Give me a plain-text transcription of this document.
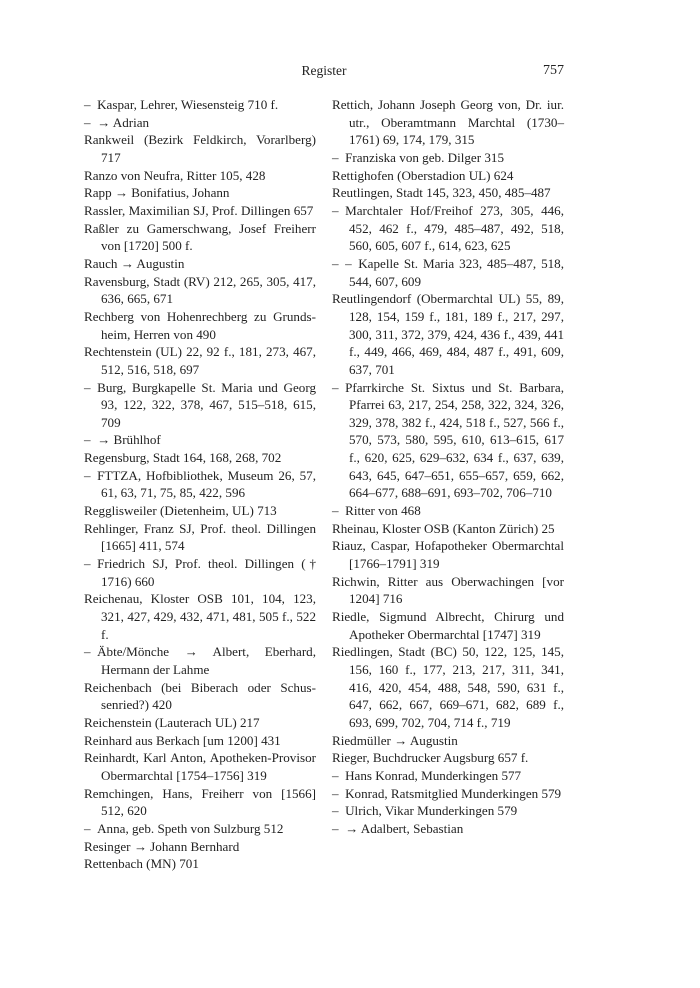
Register	757

– Kaspar, Lehrer, Wiesensteig 710 f.

– → Adrian

Rankweil (Bezirk Feldkirch, Vorarlberg) 717

Ranzo von Neufra, Ritter 105, 428

Rapp → Bonifatius, Johann

Rassler, Maximilian SJ, Prof. Dillingen 657

Raßler zu Gamerschwang, Josef Freiherr von [1720] 500 f.

Rauch → Augustin

Ravensburg, Stadt (RV) 212, 265, 305, 417, 636, 665, 671

Rechberg von Hohenrechberg zu Grundsheim, Herren von 490

Rechtenstein (UL) 22, 92 f., 181, 273, 467, 512, 516, 518, 697

– Burg, Burgkapelle St. Maria und Georg 93, 122, 322, 378, 467, 515–518, 615, 709

– → Brühlhof

Regensburg, Stadt 164, 168, 268, 702

– FTTZA, Hofbibliothek, Museum 26, 57, 61, 63, 71, 75, 85, 422, 596

Regglisweiler (Dietenheim, UL) 713

Rehlinger, Franz SJ, Prof. theol. Dillingen [1665] 411, 574

– Friedrich SJ, Prof. theol. Dillingen († 1716) 660

Reichenau, Kloster OSB 101, 104, 123, 321, 427, 429, 432, 471, 481, 505 f., 522 f.

– Äbte/Mönche → Albert, Eberhard, Hermann der Lahme

Reichenbach (bei Biberach oder Schussenried?) 420

Reichenstein (Lauterach UL) 217

Reinhard aus Berkach [um 1200] 431

Reinhardt, Karl Anton, Apotheken-Provisor Obermarchtal [1754–1756] 319

Remchingen, Hans, Freiherr von [1566] 512, 620

– Anna, geb. Speth von Sulzburg 512

Resinger → Johann Bernhard

Rettenbach (MN) 701

Rettich, Johann Joseph Georg von, Dr. iur. utr., Oberamtmann Marchtal (1730–1761) 69, 174, 179, 315

– Franziska von geb. Dilger 315

Rettighofen (Oberstadion UL) 624

Reutlingen, Stadt 145, 323, 450, 485–487

– Marchtaler Hof/Freihof 273, 305, 446, 452, 462 f., 479, 485–487, 492, 518, 560, 605, 607 f., 614, 623, 625

– – Kapelle St. Maria 323, 485–487, 518, 544, 607, 609

Reutlingendorf (Obermarchtal UL) 55, 89, 128, 154, 159 f., 181, 189 f., 217, 297, 300, 311, 372, 379, 424, 436 f., 439, 441 f., 449, 466, 469, 484, 487 f., 491, 609, 637, 701

– Pfarrkirche St. Sixtus und St. Barbara, Pfarrei 63, 217, 254, 258, 322, 324, 326, 329, 378, 382 f., 424, 518 f., 527, 566 f., 570, 573, 580, 595, 610, 613–615, 617 f., 620, 625, 629–632, 634 f., 637, 639, 643, 645, 647–651, 655–657, 659, 662, 664–677, 688–691, 693–702, 706–710

– Ritter von 468

Rheinau, Kloster OSB (Kanton Zürich) 25

Riauz, Caspar, Hofapotheker Obermarchtal [1766–1791] 319

Richwin, Ritter aus Oberwachingen [vor 1204] 716

Riedle, Sigmund Albrecht, Chirurg und Apotheker Obermarchtal [1747] 319

Riedlingen, Stadt (BC) 50, 122, 125, 145, 156, 160 f., 177, 213, 217, 311, 341, 416, 420, 454, 488, 548, 590, 631 f., 647, 662, 667, 669–671, 682, 689 f., 693, 699, 702, 704, 714 f., 719

Riedmüller → Augustin

Rieger, Buchdrucker Augsburg 657 f.

– Hans Konrad, Munderkingen 577

– Konrad, Ratsmitglied Munderkingen 579

– Ulrich, Vikar Munderkingen 579

– → Adalbert, Sebastian
